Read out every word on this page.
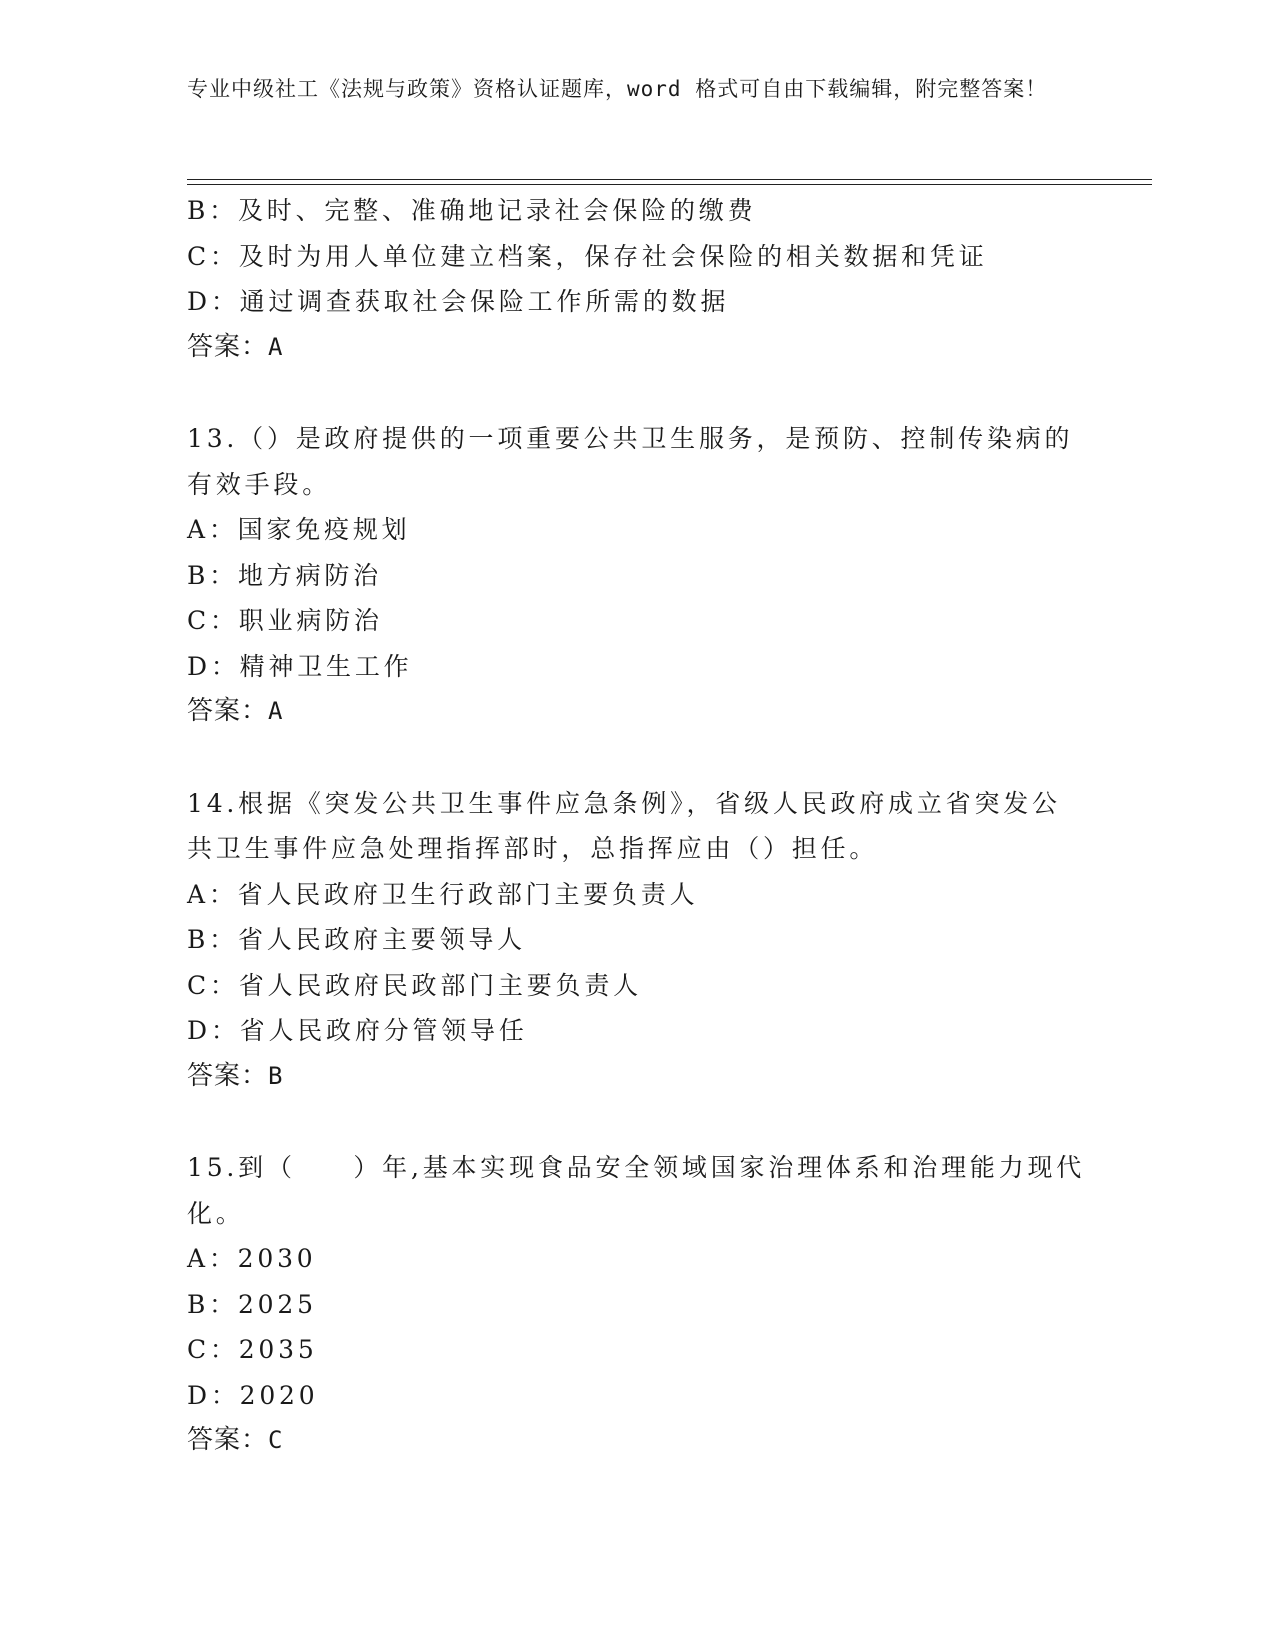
专业中级社工《法规与政策》资格认证题库，word 格式可自由下载编辑，附完整答案！
B：及时、完整、准确地记录社会保险的缴费
C：及时为用人单位建立档案，保存社会保险的相关数据和凭证
D：通过调查获取社会保险工作所需的数据
答案：A
13.（）是政府提供的一项重要公共卫生服务，是预防、控制传染病的
有效手段。
A：国家免疫规划
B：地方病防治
C：职业病防治
D：精神卫生工作
答案：A
14.根据《突发公共卫生事件应急条例》，省级人民政府成立省突发公
共卫生事件应急处理指挥部时，总指挥应由（）担任。
A：省人民政府卫生行政部门主要负责人
B：省人民政府主要领导人
C：省人民政府民政部门主要负责人
D：省人民政府分管领导任
答案：B
15.到（　　）年,基本实现食品安全领域国家治理体系和治理能力现代
化。
A：2030
B：2025
C：2035
D：2020
答案：C
